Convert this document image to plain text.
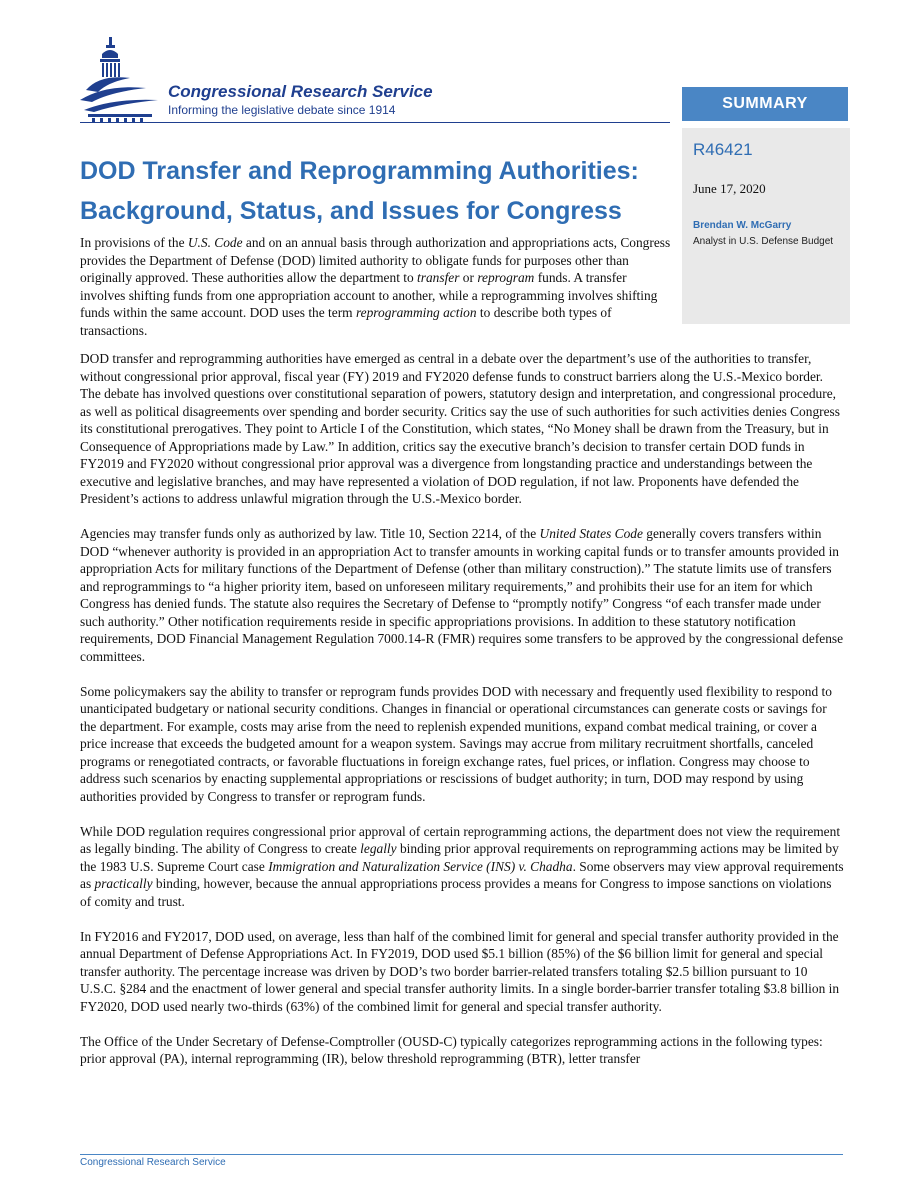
Congressional Research Service
Informing the legislative debate since 1914	SUMMARY
R46421
June 17, 2020
Brendan W. McGarry
Analyst in U.S. Defense Budget
DOD Transfer and Reprogramming Authorities: Background, Status, and Issues for Congress

In provisions of the U.S. Code and on an annual basis through authorization and appropriations acts, Congress provides the Department of Defense (DOD) limited authority to obligate funds for purposes other than originally approved. These authorities allow the department to transfer or reprogram funds. A transfer involves shifting funds from one appropriation account to another, while a reprogramming involves shifting funds within the same account. DOD uses the term reprogramming action to describe both types of transactions.

DOD transfer and reprogramming authorities have emerged as central in a debate over the department’s use of the authorities to transfer, without congressional prior approval, fiscal year (FY) 2019 and FY2020 defense funds to construct barriers along the U.S.-Mexico border. The debate has involved questions over constitutional separation of powers, statutory design and interpretation, and congressional procedure, as well as political disagreements over spending and border security. Critics say the use of such authorities for such activities denies Congress its constitutional prerogatives. They point to Article I of the Constitution, which states, “No Money shall be drawn from the Treasury, but in Consequence of Appropriations made by Law.” In addition, critics say the executive branch’s decision to transfer certain DOD funds in FY2019 and FY2020 without congressional prior approval was a divergence from longstanding practice and understandings between the executive and legislative branches, and may have represented a violation of DOD regulation, if not law. Proponents have defended the President’s actions to address unlawful migration through the U.S.-Mexico border.

Agencies may transfer funds only as authorized by law. Title 10, Section 2214, of the United States Code generally covers transfers within DOD “whenever authority is provided in an appropriation Act to transfer amounts in working capital funds or to transfer amounts provided in appropriation Acts for military functions of the Department of Defense (other than military construction).” The statute limits use of transfers and reprogrammings to “a higher priority item, based on unforeseen military requirements,” and prohibits their use for an item for which Congress has denied funds. The statute also requires the Secretary of Defense to “promptly notify” Congress “of each transfer made under such authority.” Other notification requirements reside in specific appropriations provisions. In addition to these statutory notification requirements, DOD Financial Management Regulation 7000.14-R (FMR) requires some transfers to be approved by the congressional defense committees.

Some policymakers say the ability to transfer or reprogram funds provides DOD with necessary and frequently used flexibility to respond to unanticipated budgetary or national security conditions. Changes in financial or operational circumstances can generate costs or savings for the department. For example, costs may arise from the need to replenish expended munitions, expand combat medical training, or cover a price increase that exceeds the budgeted amount for a weapon system. Savings may accrue from military recruitment shortfalls, canceled programs or renegotiated contracts, or favorable fluctuations in foreign exchange rates, fuel prices, or inflation. Congress may choose to address such scenarios by enacting supplemental appropriations or rescissions of budget authority; in turn, DOD may respond by using authorities provided by Congress to transfer or reprogram funds.

While DOD regulation requires congressional prior approval of certain reprogramming actions, the department does not view the requirement as legally binding. The ability of Congress to create legally binding prior approval requirements on reprogramming actions may be limited by the 1983 U.S. Supreme Court case Immigration and Naturalization Service (INS) v. Chadha. Some observers may view approval requirements as practically binding, however, because the annual appropriations process provides a means for Congress to impose sanctions on violations of comity and trust.

In FY2016 and FY2017, DOD used, on average, less than half of the combined limit for general and special transfer authority provided in the annual Department of Defense Appropriations Act. In FY2019, DOD used $5.1 billion (85%) of the $6 billion limit for general and special transfer authority. The percentage increase was driven by DOD’s two border barrier-related transfers totaling $2.5 billion pursuant to 10 U.S.C. §284 and the enactment of lower general and special transfer authority limits. In a single border-barrier transfer totaling $3.8 billion in FY2020, DOD used nearly two-thirds (63%) of the combined limit for general and special transfer authority.

The Office of the Under Secretary of Defense-Comptroller (OUSD-C) typically categorizes reprogramming actions in the following types: prior approval (PA), internal reprogramming (IR), below threshold reprogramming (BTR), letter transfer

Congressional Research Service
